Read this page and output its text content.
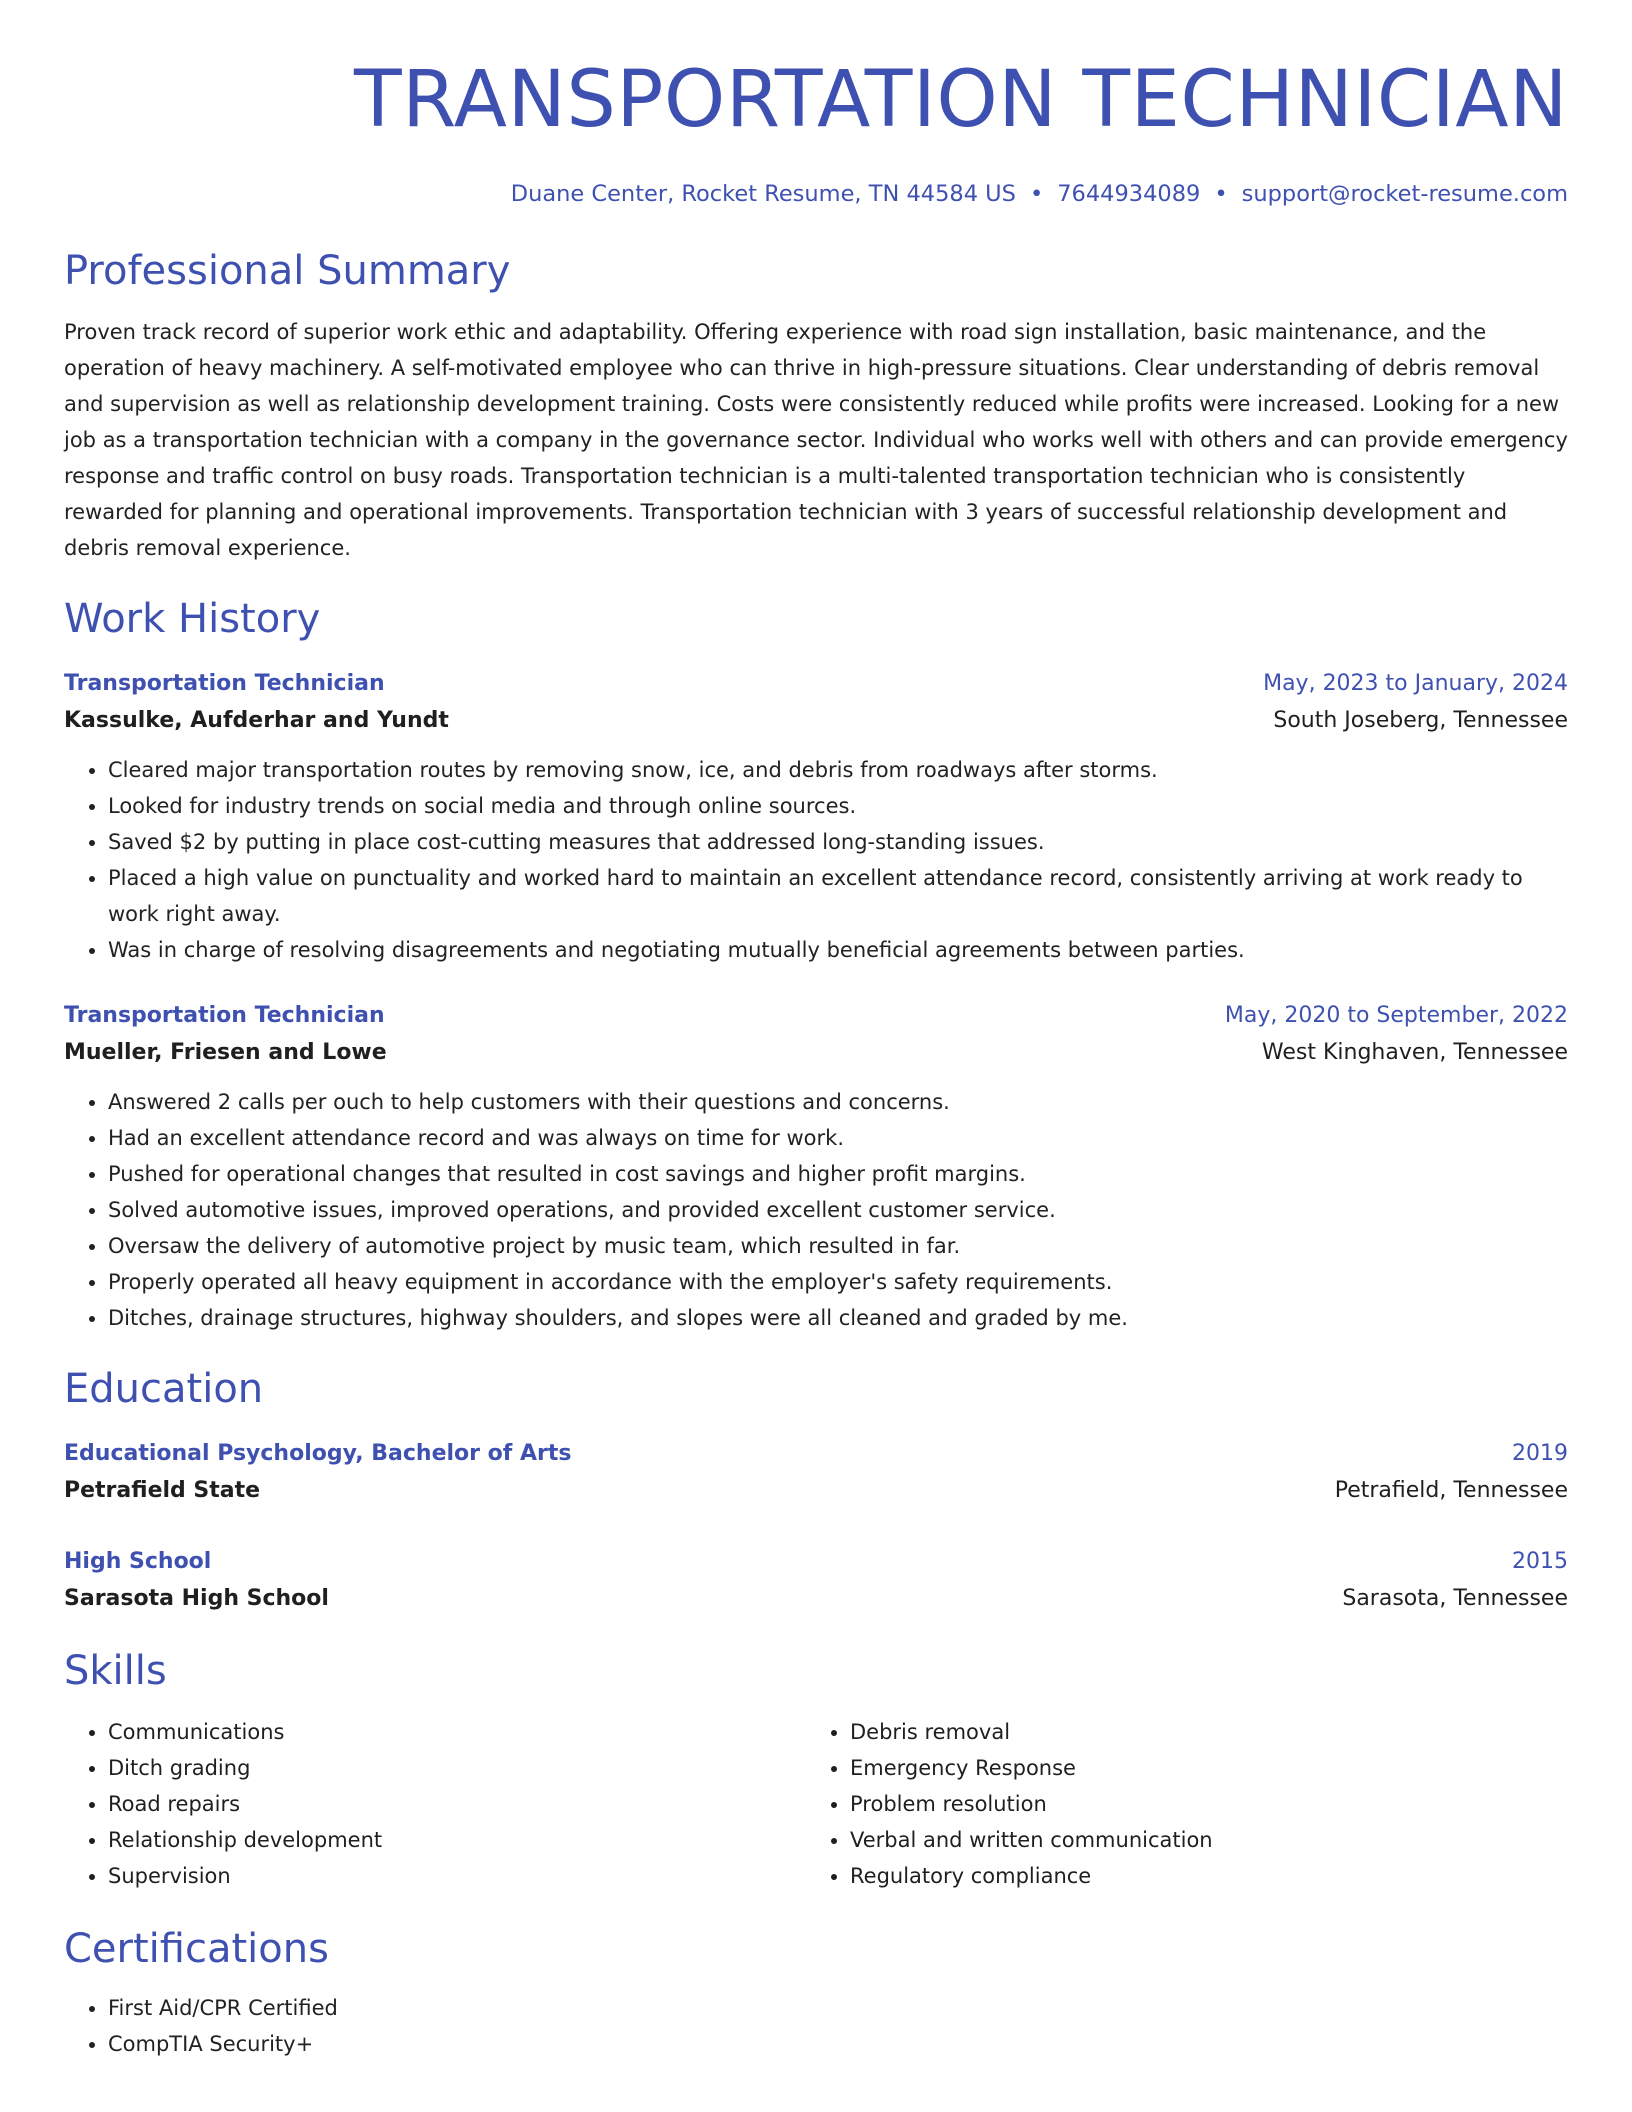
TRANSPORTATION TECHNICIAN
Duane Center, Rocket Resume, TN 44584 US • 7644934089 • support@rocket-resume.com
Professional Summary

Proven track record of superior work ethic and adaptability. Offering experience with road sign installation, basic maintenance, and the operation of heavy machinery. A self-motivated employee who can thrive in high-pressure situations. Clear understanding of debris removal and supervision as well as relationship development training. Costs were consistently reduced while profits were increased. Looking for a new job as a transportation technician with a company in the governance sector. Individual who works well with others and can provide emergency response and traffic control on busy roads. Transportation technician is a multi-talented transportation technician who is consistently rewarded for planning and operational improvements. Transportation technician with 3 years of successful relationship development and debris removal experience.

Work History
Transportation Technician	May, 2023 to January, 2024
Kassulke, Aufderhar and Yundt	South Joseberg, Tennessee
• Cleared major transportation routes by removing snow, ice, and debris from roadways after storms.
• Looked for industry trends on social media and through online sources.
• Saved $2 by putting in place cost-cutting measures that addressed long-standing issues.
• Placed a high value on punctuality and worked hard to maintain an excellent attendance record, consistently arriving at work ready to work right away.
• Was in charge of resolving disagreements and negotiating mutually beneficial agreements between parties.
Transportation Technician	May, 2020 to September, 2022
Mueller, Friesen and Lowe	West Kinghaven, Tennessee
• Answered 2 calls per ouch to help customers with their questions and concerns.
• Had an excellent attendance record and was always on time for work.
• Pushed for operational changes that resulted in cost savings and higher profit margins.
• Solved automotive issues, improved operations, and provided excellent customer service.
• Oversaw the delivery of automotive project by music team, which resulted in far.
• Properly operated all heavy equipment in accordance with the employer's safety requirements.
• Ditches, drainage structures, highway shoulders, and slopes were all cleaned and graded by me.
Education
Educational Psychology, Bachelor of Arts	2019
Petrafield State	Petrafield, Tennessee
High School	2015
Sarasota High School	Sarasota, Tennessee
Skills
• Communications
• Ditch grading
• Road repairs
• Relationship development
• Supervision
• Debris removal
• Emergency Response
• Problem resolution
• Verbal and written communication
• Regulatory compliance
Certifications
• First Aid/CPR Certified
• CompTIA Security+
